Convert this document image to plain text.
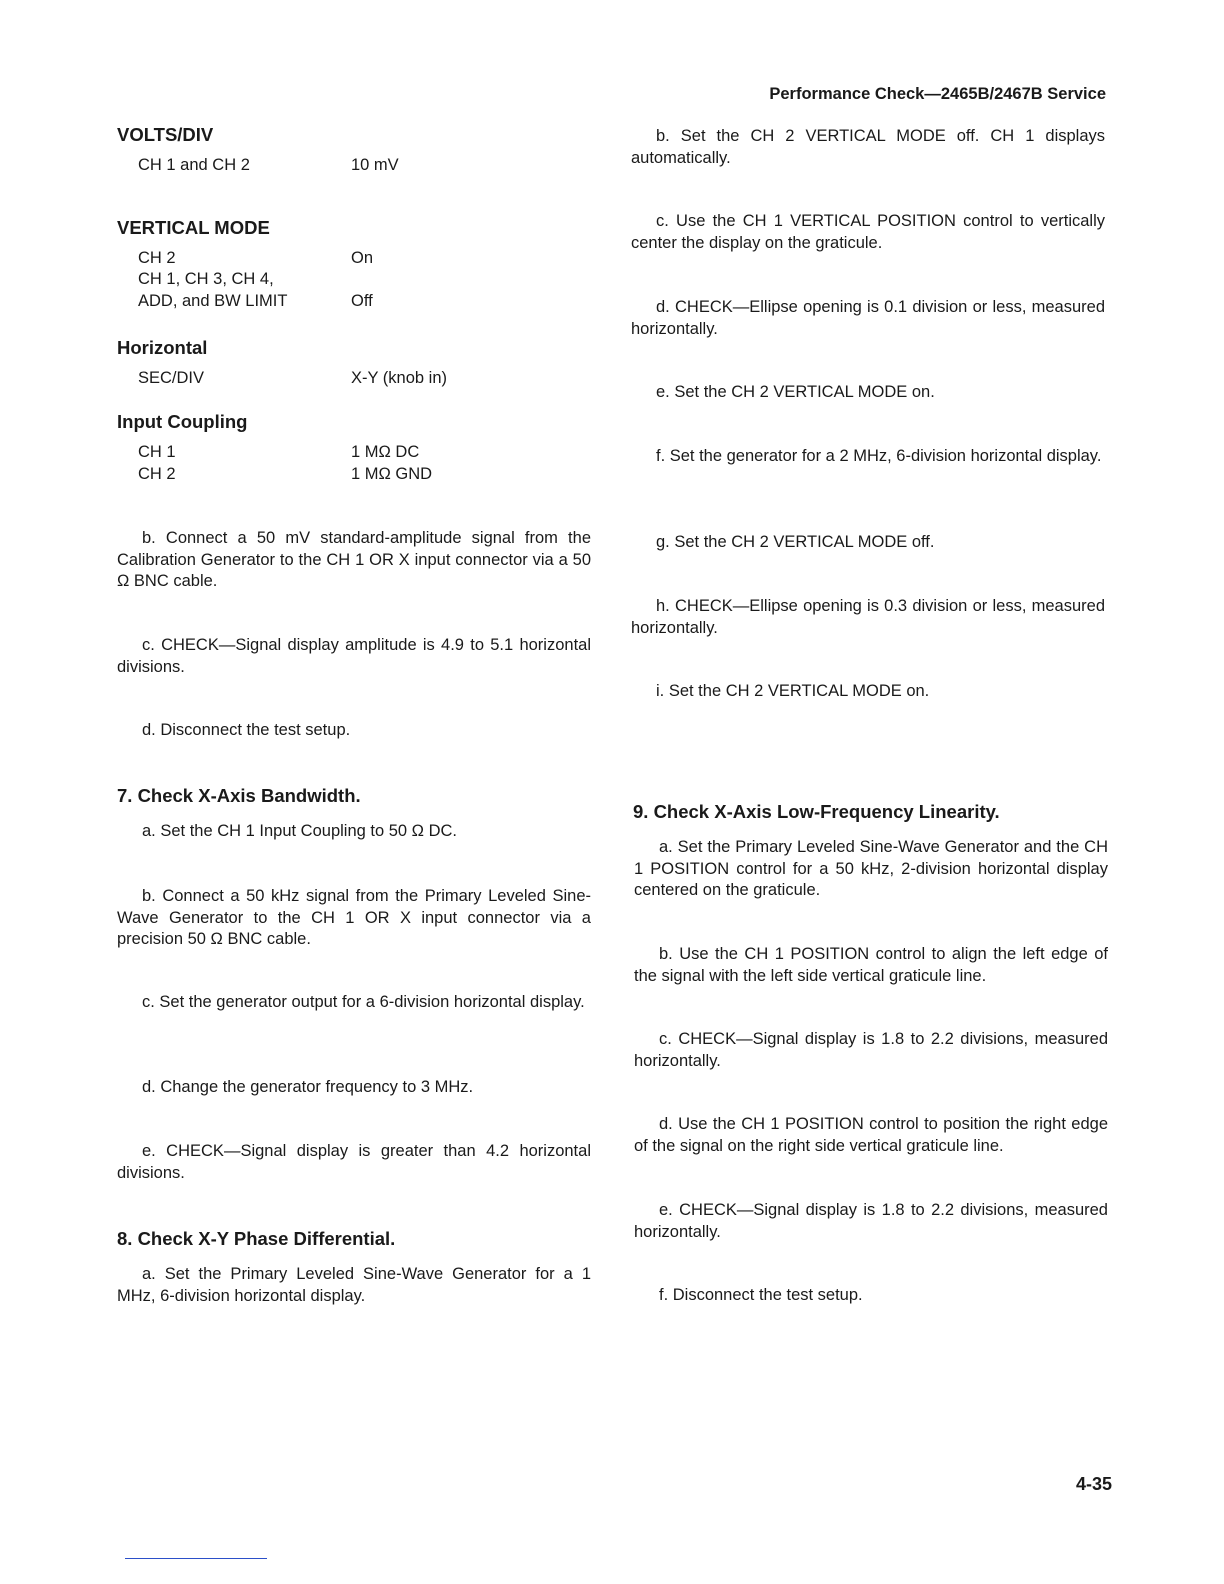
Performance Check—2465B/2467B Service
VOLTS/DIV
CH 1 and CH 2	10 mV
VERTICAL MODE
CH 2	On
CH 1, CH 3, CH 4,
ADD, and BW LIMIT	Off
Horizontal
SEC/DIV	X-Y (knob in)
Input Coupling
CH 1	1 MΩ DC
CH 2	1 MΩ GND

b. Connect a 50 mV standard-amplitude signal from the Calibration Generator to the CH 1 OR X input connector via a 50 Ω BNC cable.

c. CHECK—Signal display amplitude is 4.9 to 5.1 horizontal divisions.

d. Disconnect the test setup.

7. Check X-Axis Bandwidth.

a. Set the CH 1 Input Coupling to 50 Ω DC.

b. Connect a 50 kHz signal from the Primary Leveled Sine-Wave Generator to the CH 1 OR X input connector via a precision 50 Ω BNC cable.

c. Set the generator output for a 6-division horizontal display.

d. Change the generator frequency to 3 MHz.

e. CHECK—Signal display is greater than 4.2 horizontal divisions.

8. Check X-Y Phase Differential.

a. Set the Primary Leveled Sine-Wave Generator for a 1 MHz, 6-division horizontal display.

b. Set the CH 2 VERTICAL MODE off. CH 1 displays automatically.

c. Use the CH 1 VERTICAL POSITION control to vertically center the display on the graticule.

d. CHECK—Ellipse opening is 0.1 division or less, measured horizontally.

e. Set the CH 2 VERTICAL MODE on.

f. Set the generator for a 2 MHz, 6-division horizontal display.

g. Set the CH 2 VERTICAL MODE off.

h. CHECK—Ellipse opening is 0.3 division or less, measured horizontally.

i. Set the CH 2 VERTICAL MODE on.

9. Check X-Axis Low-Frequency Linearity.

a. Set the Primary Leveled Sine-Wave Generator and the CH 1 POSITION control for a 50 kHz, 2-division horizontal display centered on the graticule.

b. Use the CH 1 POSITION control to align the left edge of the signal with the left side vertical graticule line.

c. CHECK—Signal display is 1.8 to 2.2 divisions, measured horizontally.

d. Use the CH 1 POSITION control to position the right edge of the signal on the right side vertical graticule line.

e. CHECK—Signal display is 1.8 to 2.2 divisions, measured horizontally.

f. Disconnect the test setup.

4-35
